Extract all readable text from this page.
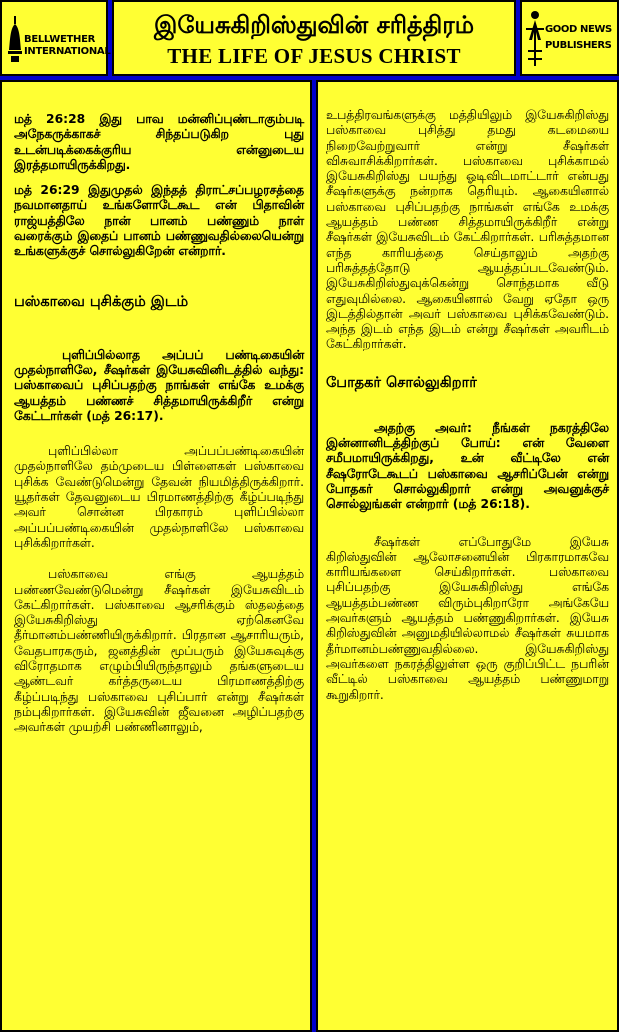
BELLWETHER
INTERNATIONAL
இயேசுகிறிஸ்துவின் சரித்திரம்
THE LIFE OF JESUS CHRIST
GOOD NEWS
PUBLISHERS

மத் 26:28 இது பாவ மன்னிப்புண்டாகும்படி அநேகருக்காகச் சிந்தப்படுகிற புது உடன்படிக்கைக்குரிய என்னுடைய இரத்தமாயிருக்கிறது.

மத் 26:29 இதுமுதல் இந்தத் திராட்சப்பழரசத்தை நவமானதாய் உங்களோடேகூட என் பிதாவின் ராஜ்யத்திலே நான் பானம் பண்ணும் நாள் வரைக்கும் இதைப் பானம் பண்ணுவதில்லையென்று உங்களுக்குச் சொல்லுகிறேன் என்றார்.

பஸ்காவை புசிக்கும் இடம்

புளிப்பில்லாத அப்பப் பண்டிகையின் முதல்நாளிலே, சீஷர்கள் இயேசுவினிடத்தில் வந்து: பஸ்காவைப் புசிப்பதற்கு நாங்கள் எங்கே உமக்கு ஆயத்தம் பண்ணச் சித்தமாயிருக்கிறீர் என்று கேட்டார்கள் (மத் 26:17).

புளிப்பில்லா அப்பப்பண்டிகையின் முதல்நாளிலே தம்முடைய பிள்ளைகள் பஸ்காவை புசிக்க வேண்டுமென்று தேவன் நியமித்திருக்கிறார். யூதர்கள் தேவனுடைய பிரமாணத்திற்கு கீழ்ப்படிந்து அவர் சொன்ன பிரகாரம் புளிப்பில்லா அப்பப்பண்டிகையின் முதல்நாளிலே பஸ்காவை புசிக்கிறார்கள்.

பஸ்காவை எங்கு ஆயத்தம் பண்ணவேண்டுமென்று சீஷர்கள் இயேசுவிடம் கேட்கிறார்கள். பஸ்காவை ஆசரிக்கும் ஸ்தலத்தை இயேசுகிறிஸ்து ஏற்கெனவே தீர்மானம்பண்ணியிருக்கிறார். பிரதான ஆசாரியரும், வேதபாரகரும், ஜனத்தின் மூப்பரும் இயேசுவுக்கு விரோதமாக எழும்பியிருந்தாலும் தங்களுடைய ஆண்டவர் கர்த்தருடைய பிரமாணத்திற்கு கீழ்ப்படிந்து பஸ்காவை புசிப்பார் என்று சீஷர்கள் நம்புகிறார்கள். இயேசுவின் ஜீவனை அழிப்பதற்கு அவர்கள் முயற்சி பண்ணினாலும்,

உபத்திரவங்களுக்கு மத்தியிலும் இயேசுகிறிஸ்து பஸ்காவை புசித்து தமது கடமையை நிறைவேற்றுவார் என்று சீஷர்கள் விசுவாசிக்கிறார்கள். பஸ்காவை புசிக்காமல் இயேசுகிறிஸ்து பயந்து ஓடிவிடமாட்டார் என்பது சீஷர்களுக்கு நன்றாக தெரியும். ஆகையினால் பஸ்காவை புசிப்பதற்கு நாங்கள் எங்கே உமக்கு ஆயத்தம் பண்ண சித்தமாயிருக்கிறீர் என்று சீஷர்கள் இயேசுவிடம் கேட்கிறார்கள். பரிசுத்தமான எந்த காரியத்தை செய்தாலும் அதற்கு பரிசுத்தத்தோடு ஆயத்தப்படவேண்டும். இயேசுகிறிஸ்துவுக்கென்று சொந்தமாக வீடு எதுவுமில்லை. ஆகையினால் வேறு ஏதோ ஒரு இடத்தில்தான் அவர் பஸ்காவை புசிக்கவேண்டும். அந்த இடம் எந்த இடம் என்று சீஷர்கள் அவரிடம் கேட்கிறார்கள்.

போதகர் சொல்லுகிறார்

அதற்கு அவர்: நீங்கள் நகரத்திலே இன்னானிடத்திற்குப் போய்: என் வேளை சமீபமாயிருக்கிறது, உன் வீட்டிலே என் சீஷரோடேகூடப் பஸ்காவை ஆசரிப்பேன் என்று போதகர் சொல்லுகிறார் என்று அவனுக்குச் சொல்லுங்கள் என்றார் (மத் 26:18).

சீஷர்கள் எப்போதுமே இயேசு கிறிஸ்துவின் ஆலோசனையின் பிரகாரமாகவே காரியங்களை செய்கிறார்கள். பஸ்காவை புசிப்பதற்கு இயேசுகிறிஸ்து எங்கே ஆயத்தம்பண்ண விரும்புகிறாரோ அங்கேயே அவர்களும் ஆயத்தம் பண்ணுகிறார்கள். இயேசு கிறிஸ்துவின் அனுமதியில்லாமல் சீஷர்கள் சுயமாக தீர்மானம்பண்ணுவதில்லை. இயேசுகிறிஸ்து அவர்களை நகரத்திலுள்ள ஒரு குறிப்பிட்ட நபரின் வீட்டில் பஸ்காவை ஆயத்தம் பண்ணுமாறு கூறுகிறார்.
